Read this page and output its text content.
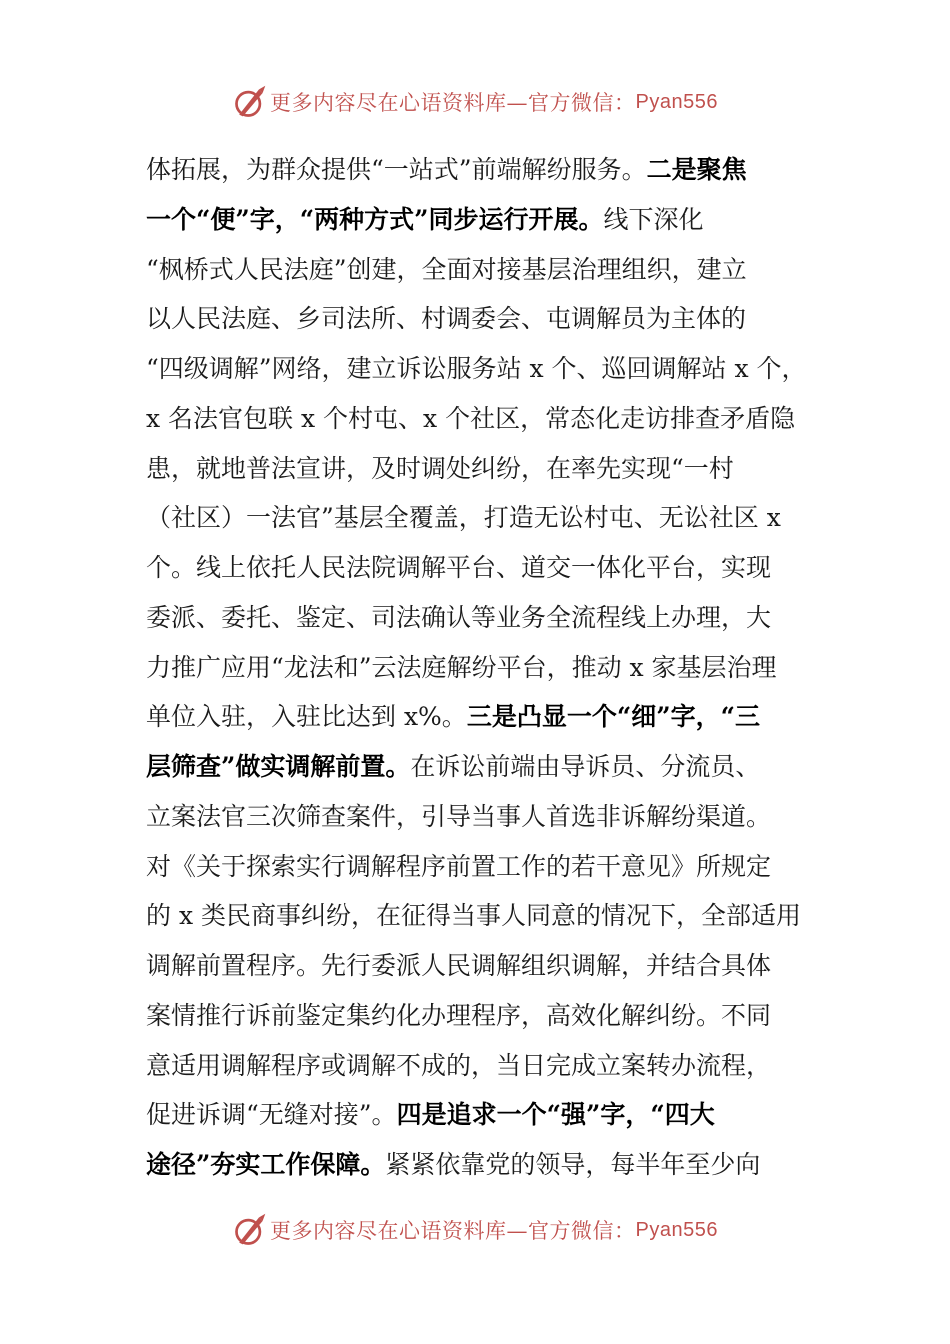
更多内容尽在心语资料库—官方微信： Pyan556
体拓展，为群众提供“一站式”前端解纷服务。二是聚焦
一个“便”字，“两种方式”同步运行开展。线下深化
“枫桥式人民法庭”创建，全面对接基层治理组织，建立
以人民法庭、乡司法所、村调委会、屯调解员为主体的
“四级调解”网络，建立诉讼服务站 x 个、巡回调解站 x 个，
x 名法官包联 x 个村屯、x 个社区，常态化走访排查矛盾隐
患，就地普法宣讲，及时调处纠纷，在率先实现“一村
（社区）一法官”基层全覆盖，打造无讼村屯、无讼社区 x
个。线上依托人民法院调解平台、道交一体化平台，实现
委派、委托、鉴定、司法确认等业务全流程线上办理，大
力推广应用“龙法和”云法庭解纷平台，推动 x 家基层治理
单位入驻，入驻比达到 x%。三是凸显一个“细”字，“三
层筛查”做实调解前置。在诉讼前端由导诉员、分流员、
立案法官三次筛查案件，引导当事人首选非诉解纷渠道。
对《关于探索实行调解程序前置工作的若干意见》所规定
的 x 类民商事纠纷，在征得当事人同意的情况下，全部适用
调解前置程序。先行委派人民调解组织调解，并结合具体
案情推行诉前鉴定集约化办理程序，高效化解纠纷。不同
意适用调解程序或调解不成的，当日完成立案转办流程，
促进诉调“无缝对接”。四是追求一个“强”字，“四大
途径”夯实工作保障。紧紧依靠党的领导，每半年至少向
更多内容尽在心语资料库—官方微信： Pyan556
